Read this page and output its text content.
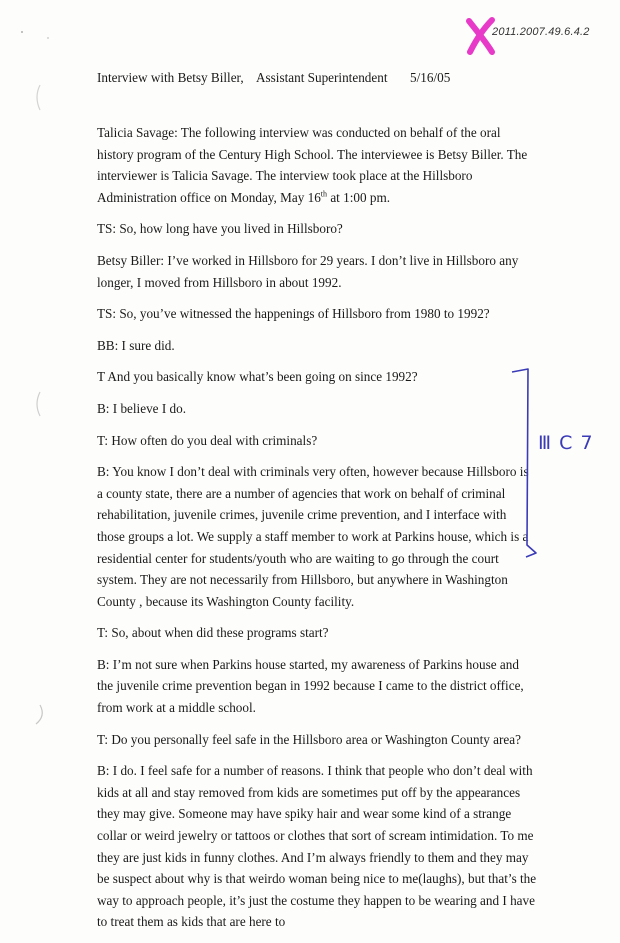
2011.2007.49.6.4.2
Interview with Betsy Biller, Assistant Superintendent 5/16/05

Talicia Savage: The following interview was conducted on behalf of the oral history program of the Century High School. The interviewee is Betsy Biller. The interviewer is Talicia Savage. The interview took place at the Hillsboro Administration office on Monday, May 16th at 1:00 pm.

TS: So, how long have you lived in Hillsboro?

Betsy Biller: I’ve worked in Hillsboro for 29 years. I don’t live in Hillsboro any longer, I moved from Hillsboro in about 1992.

TS: So, you’ve witnessed the happenings of Hillsboro from 1980 to 1992?

BB: I sure did.

T And you basically know what’s been going on since 1992?

B: I believe I do.

T: How often do you deal with criminals?

B: You know I don’t deal with criminals very often, however because Hillsboro is a county state, there are a number of agencies that work on behalf of criminal rehabilitation, juvenile crimes, juvenile crime prevention, and I interface with those groups a lot. We supply a staff member to work at Parkins house, which is a residential center for students/youth who are waiting to go through the court system. They are not necessarily from Hillsboro, but anywhere in Washington County , because its Washington County facility.

T: So, about when did these programs start?

B: I’m not sure when Parkins house started, my awareness of Parkins house and the juvenile crime prevention began in 1992 because I came to the district office, from work at a middle school.

T: Do you personally feel safe in the Hillsboro area or Washington County area?

B: I do. I feel safe for a number of reasons. I think that people who don’t deal with kids at all and stay removed from kids are sometimes put off by the appearances they may give. Someone may have spiky hair and wear some kind of a strange collar or weird jewelry or tattoos or clothes that sort of scream intimidation. To me they are just kids in funny clothes. And I’m always friendly to them and they may be suspect about why is that weirdo woman being nice to me(laughs), but that’s the way to approach people, it’s just the costume they happen to be wearing and I have to treat them as kids that are here to

Ⅲ C 7
